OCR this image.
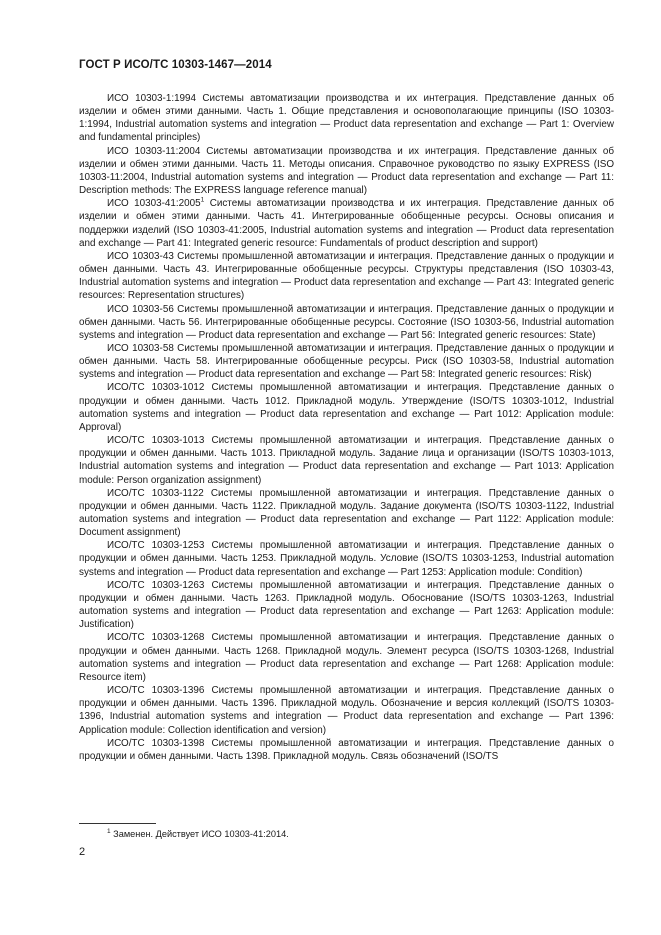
ГОСТ Р ИСО/ТС 10303-1467—2014

ИСО 10303-1:1994 Системы автоматизации производства и их интеграция. Представление данных об изделии и обмен этими данными. Часть 1. Общие представления и основополагающие принципы (ISO 10303-1:1994, Industrial automation systems and integration — Product data representation and exchange — Part 1: Overview and fundamental principles)

ИСО 10303-11:2004 Системы автоматизации производства и их интеграция. Представление данных об изделии и обмен этими данными. Часть 11. Методы описания. Справочное руководство по языку EXPRESS (ISO 10303-11:2004, Industrial automation systems and integration — Product data representation and exchange — Part 11: Description methods: The EXPRESS language reference manual)

ИСО 10303-41:2005$^1$ Системы автоматизации производства и их интеграция. Представление данных об изделии и обмен этими данными. Часть 41. Интегрированные обобщенные ресурсы. Основы описания и поддержки изделий (ISO 10303-41:2005, Industrial automation systems and integration — Product data representation and exchange — Part 41: Integrated generic resource: Fundamentals of product description and support)

ИСО 10303-43 Системы промышленной автоматизации и интеграция. Представление данных о продукции и обмен данными. Часть 43. Интегрированные обобщенные ресурсы. Структуры представления (ISO 10303-43, Industrial automation systems and integration — Product data representation and exchange — Part 43: Integrated generic resources: Representation structures)

ИСО 10303-56 Системы промышленной автоматизации и интеграция. Представление данных о продукции и обмен данными. Часть 56. Интегрированные обобщенные ресурсы. Состояние (ISO 10303-56, Industrial automation systems and integration — Product data representation and exchange — Part 56: Integrated generic resources: State)

ИСО 10303-58 Системы промышленной автоматизации и интеграция. Представление данных о продукции и обмен данными. Часть 58. Интегрированные обобщенные ресурсы. Риск (ISO 10303-58, Industrial automation systems and integration — Product data representation and exchange — Part 58: Integrated generic resources: Risk)

ИСО/ТС 10303-1012 Системы промышленной автоматизации и интеграция. Представление данных о продукции и обмен данными. Часть 1012. Прикладной модуль. Утверждение (ISO/TS 10303-1012, Industrial automation systems and integration — Product data representation and exchange — Part 1012: Application module: Approval)

ИСО/ТС 10303-1013 Системы промышленной автоматизации и интеграция. Представление данных о продукции и обмен данными. Часть 1013. Прикладной модуль. Задание лица и организации (ISO/TS 10303-1013, Industrial automation systems and integration — Product data representation and exchange — Part 1013: Application module: Person organization assignment)

ИСО/ТС 10303-1122 Системы промышленной автоматизации и интеграция. Представление данных о продукции и обмен данными. Часть 1122. Прикладной модуль. Задание документа (ISO/TS 10303-1122, Industrial automation systems and integration — Product data representation and exchange — Part 1122: Application module: Document assignment)

ИСО/ТС 10303-1253 Системы промышленной автоматизации и интеграция. Представление данных о продукции и обмен данными. Часть 1253. Прикладной модуль. Условие (ISO/TS 10303-1253, Industrial automation systems and integration — Product data representation and exchange — Part 1253: Application module: Condition)

ИСО/ТС 10303-1263 Системы промышленной автоматизации и интеграция. Представление данных о продукции и обмен данными. Часть 1263. Прикладной модуль. Обоснование (ISO/TS 10303-1263, Industrial automation systems and integration — Product data representation and exchange — Part 1263: Application module: Justification)

ИСО/ТС 10303-1268 Системы промышленной автоматизации и интеграция. Представление данных о продукции и обмен данными. Часть 1268. Прикладной модуль. Элемент ресурса (ISO/TS 10303-1268, Industrial automation systems and integration — Product data representation and exchange — Part 1268: Application module: Resource item)

ИСО/ТС 10303-1396 Системы промышленной автоматизации и интеграция. Представление данных о продукции и обмен данными. Часть 1396. Прикладной модуль. Обозначение и версия коллекций (ISO/TS 10303-1396, Industrial automation systems and integration — Product data representation and exchange — Part 1396: Application module: Collection identification and version)

ИСО/ТС 10303-1398 Системы промышленной автоматизации и интеграция. Представление данных о продукции и обмен данными. Часть 1398. Прикладной модуль. Связь обозначений (ISO/TS

$^1$ Заменен. Действует ИСО 10303-41:2014.
2
